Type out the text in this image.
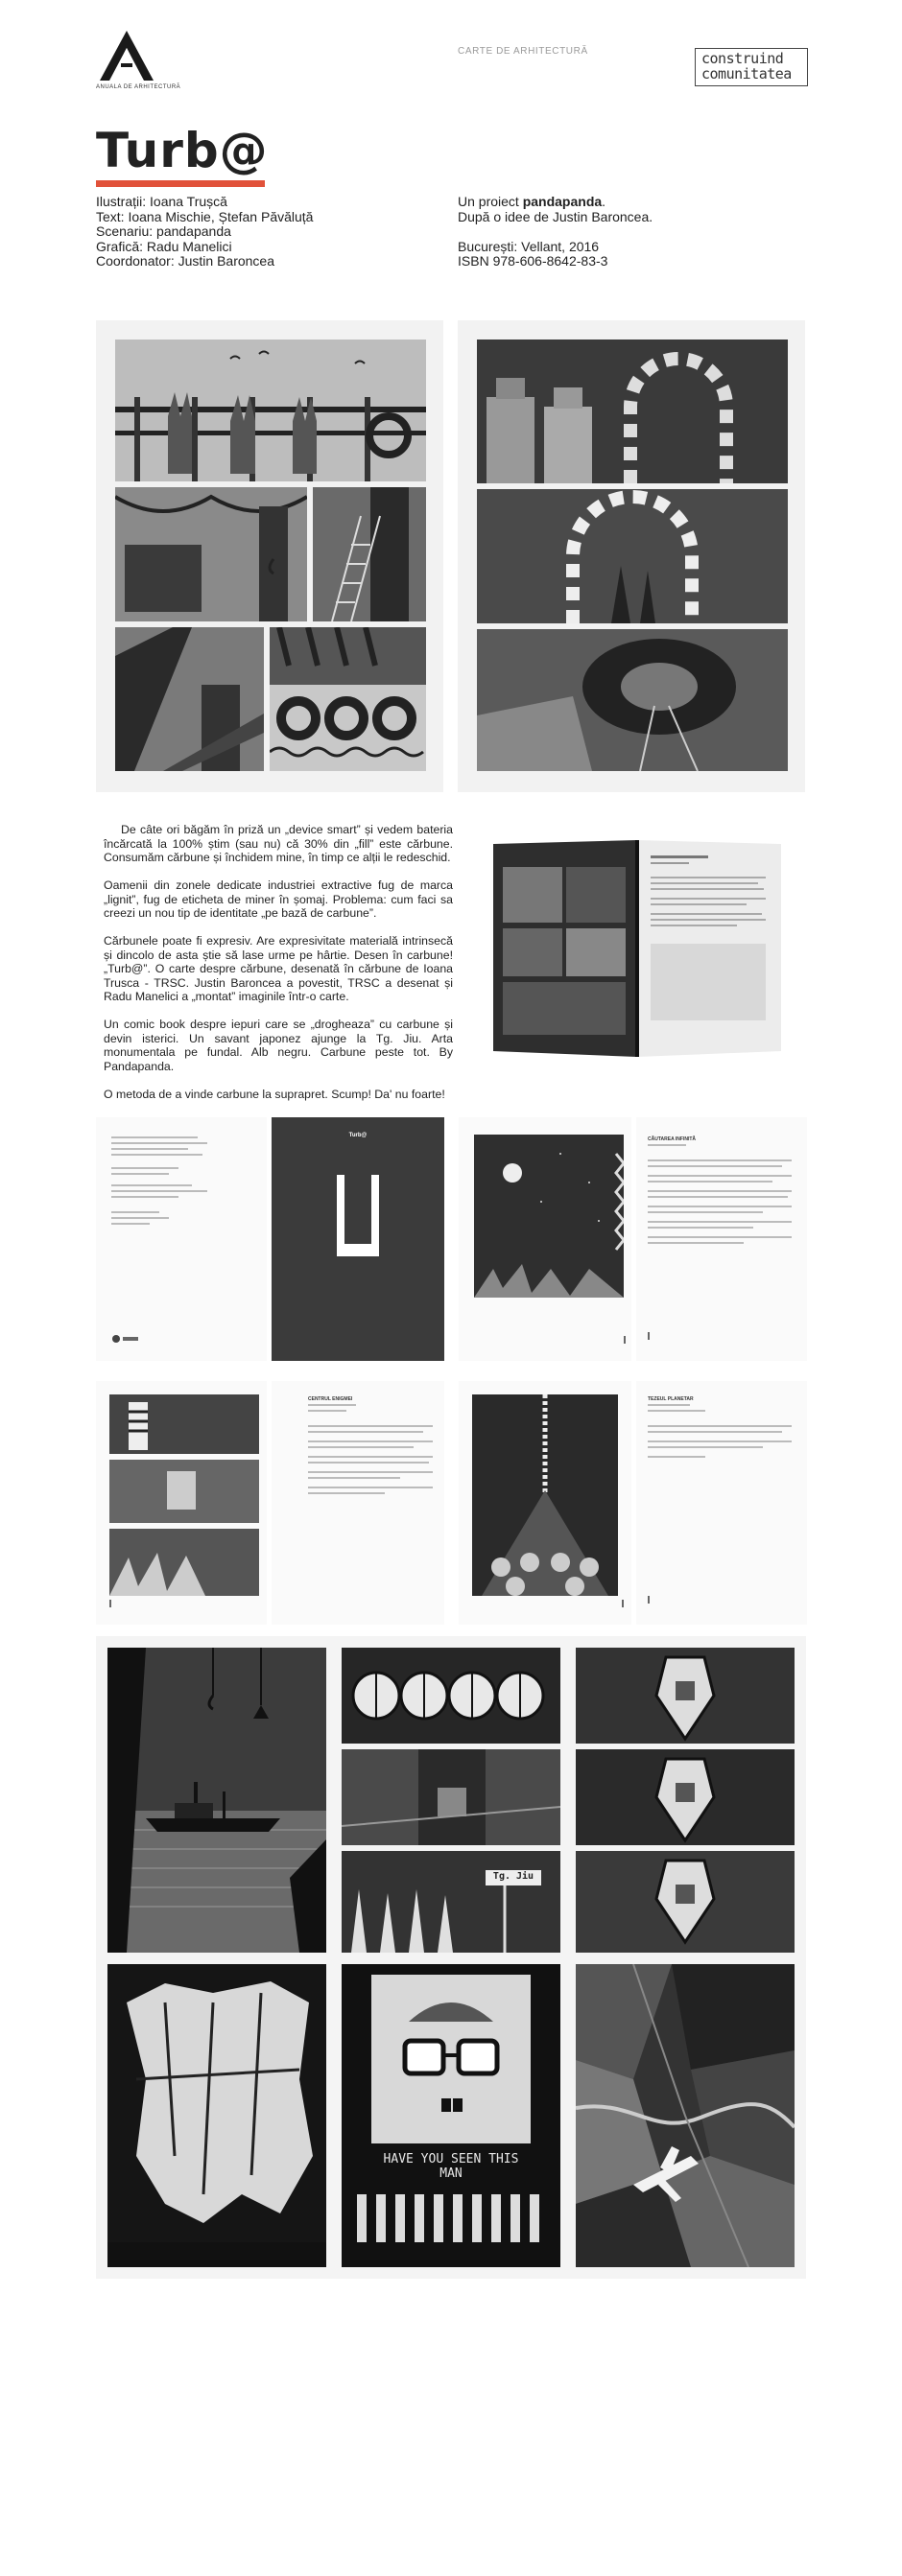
ANUALA DE ARHITECTURĂ
CARTE DE ARHITECTURĂ	construind
comunitatea
Turb@
Ilustrații: Ioana Trușcă
Text: Ioana Mischie, Ștefan Păvăluță
Scenariu: pandapanda
Grafică: Radu Manelici
Coordonator: Justin Baroncea
Un proiect pandapanda.
După o idee de Justin Baroncea.
București: Vellant, 2016
ISBN 978-606-8642-83-3

De câte ori băgăm în priză un „device smart” și vedem bateria încărcată la 100% știm (sau nu) că 30% din „fill” este cărbune. Consumăm cărbune și închidem mine, în timp ce alții le redeschid.

Oamenii din zonele dedicate industriei extractive fug de marca „lignit”, fug de eticheta de miner în șomaj. Problema: cum faci sa creezi un nou tip de identitate „pe bază de carbune”.

Cărbunele poate fi expresiv. Are expresivitate materială intrinsecă și dincolo de asta știe să lase urme pe hârtie. Desen în carbune! „Turb@”. O carte despre cărbune, desenată în cărbune de Ioana Trusca - TRSC. Justin Baroncea a povestit, TRSC a desenat și Radu Manelici a „montat” imaginile într-o carte.

Un comic book despre iepuri care se „drogheaza” cu carbune și devin isterici. Un savant japonez ajunge la Tg. Jiu. Arta monumentala pe fundal. Alb negru. Carbune peste tot. By Pandapanda.

O metoda de a vinde carbune la suprapret. Scump! Da' nu foarte!

Turb@
CĂUTAREA INFINITĂ
CENTRUL ENIGMEI	TEZEUL PLANETAR
Tg. Jiu
HAVE YOU SEEN THIS MAN
